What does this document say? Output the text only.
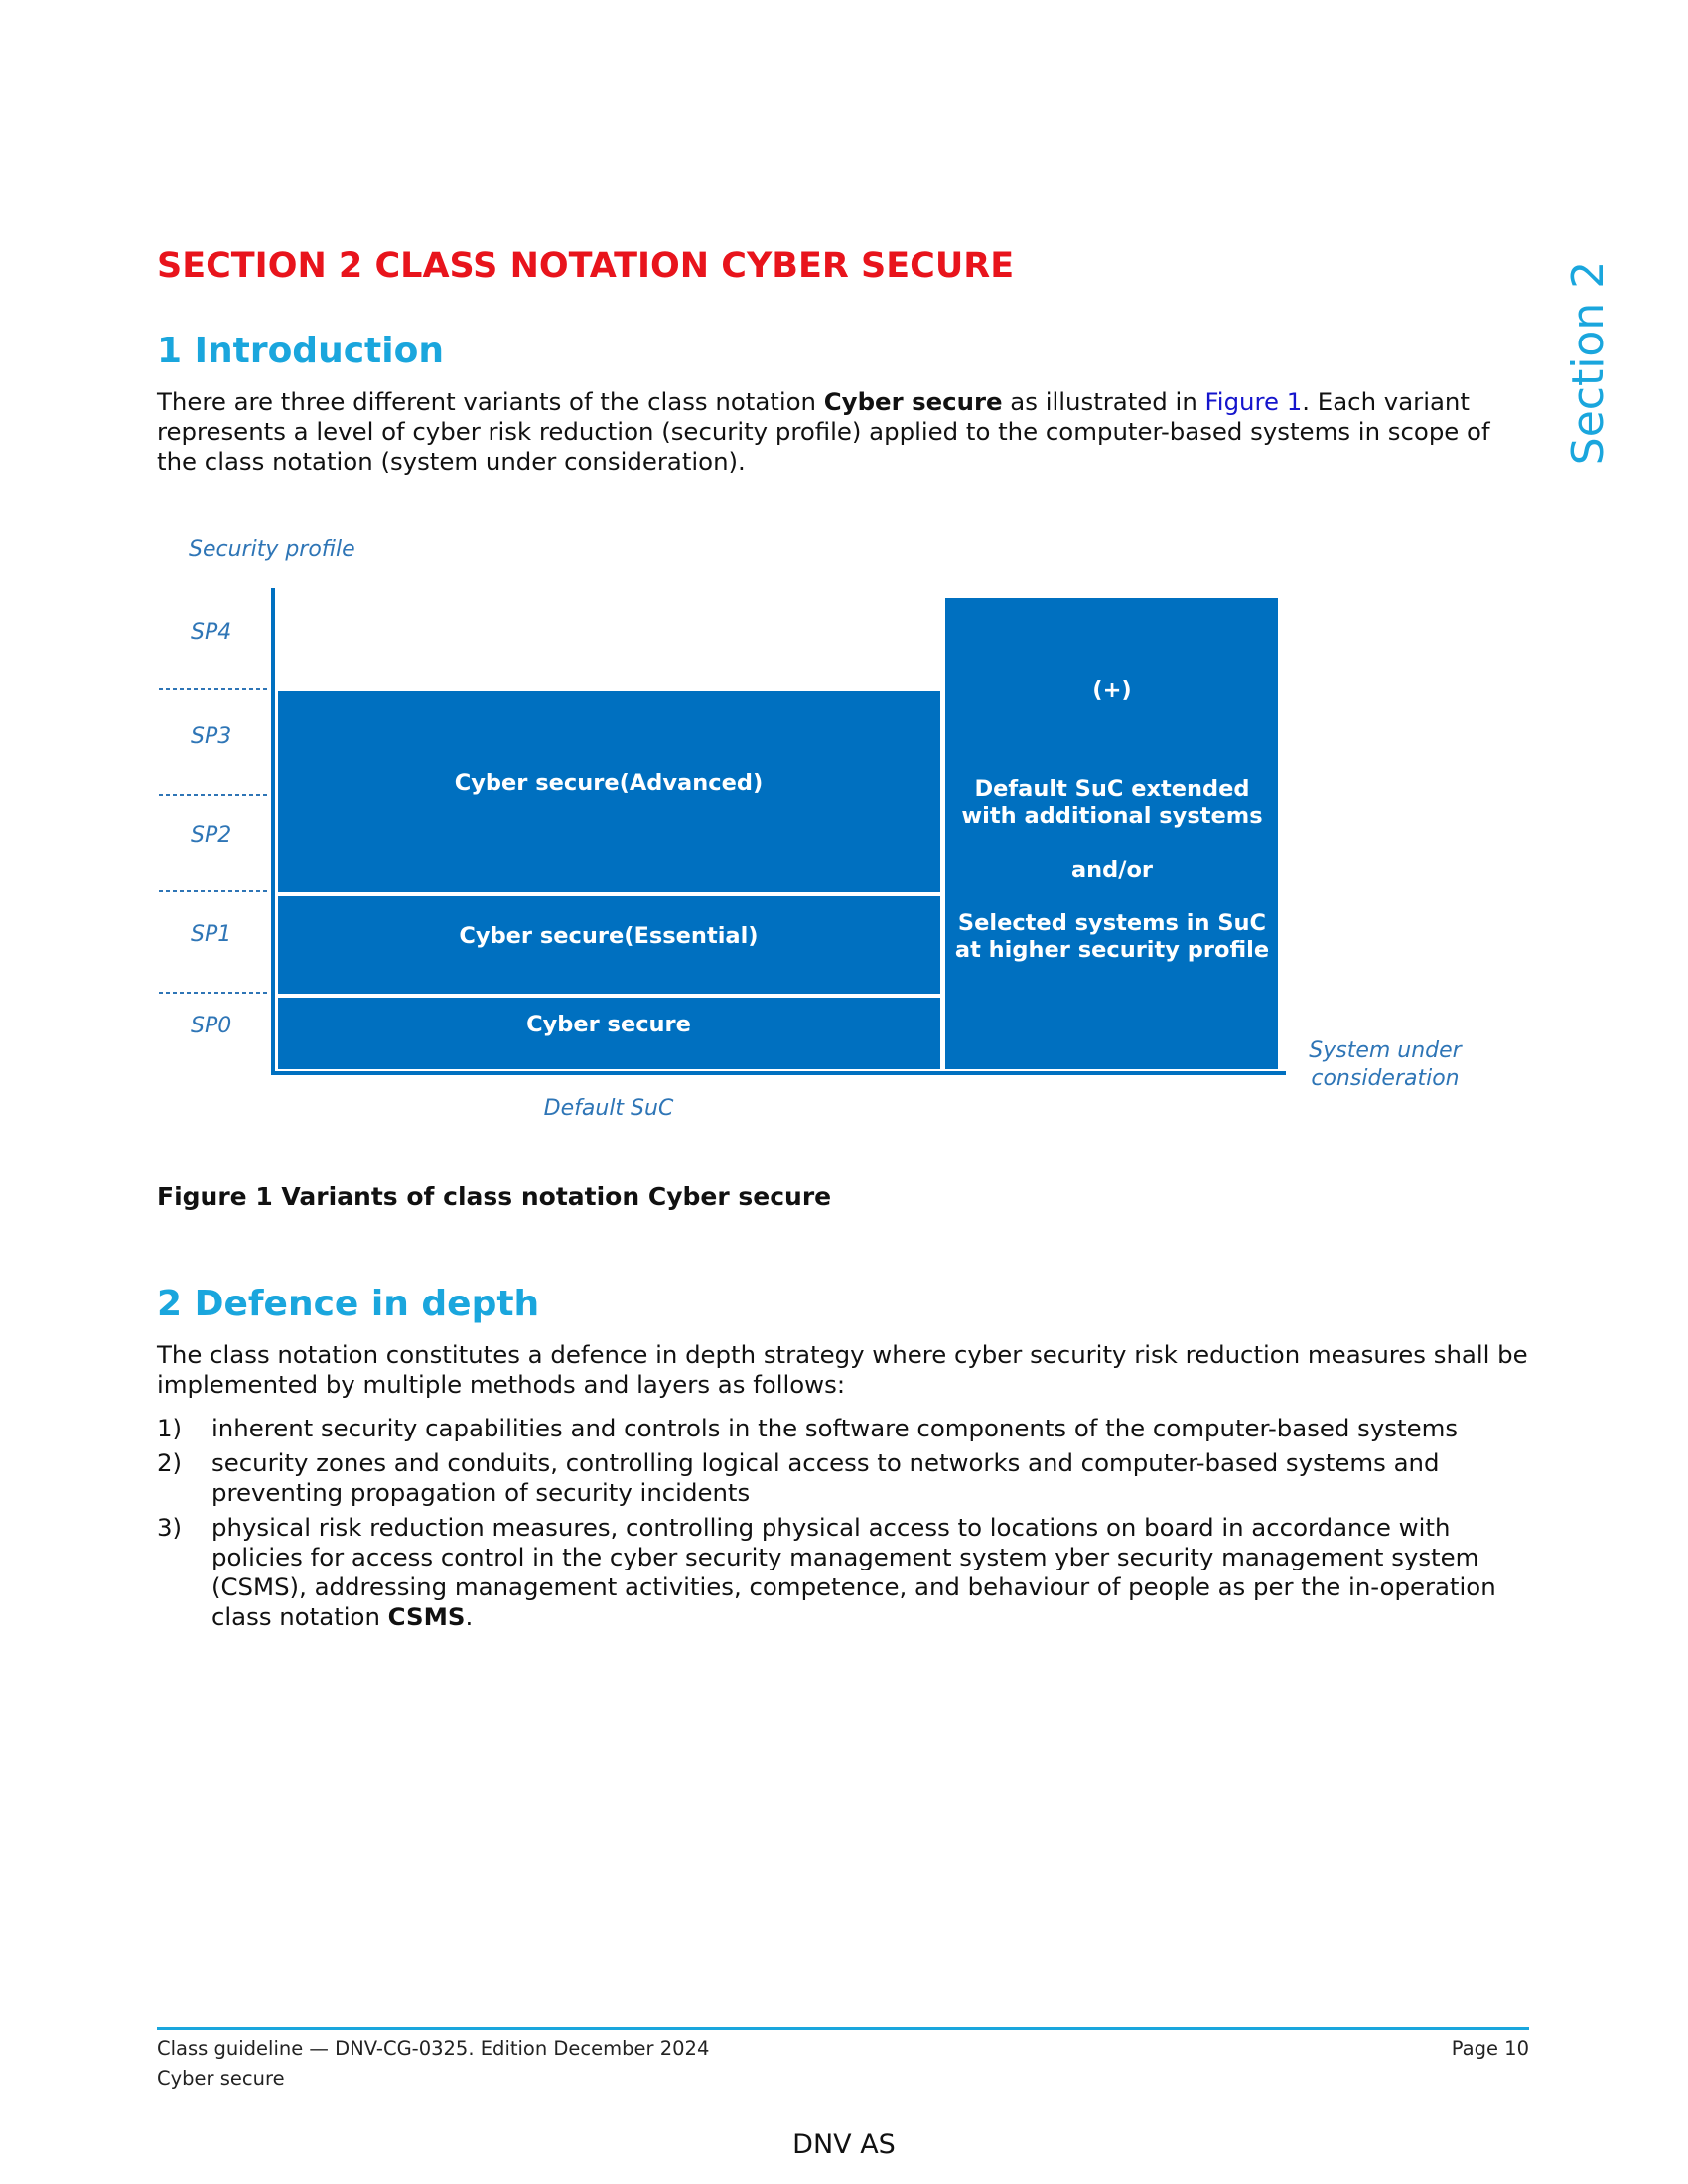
Section 2
SECTION 2 CLASS NOTATION CYBER SECURE
1 Introduction

There are three different variants of the class notation Cyber secure as illustrated in Figure 1. Each variant represents a level of cyber risk reduction (security profile) applied to the computer-based systems in scope of the class notation (system under consideration).

Security profile
SP4
SP3
SP2
SP1
SP0
Cyber secure(Advanced)
Cyber secure(Essential)
Cyber secure
(+)
Default SuC extended
with additional systems
and/or
Selected systems in SuC
at higher security profile
Default SuC
System under
consideration

Figure 1 Variants of class notation Cyber secure

2 Defence in depth

The class notation constitutes a defence in depth strategy where cyber security risk reduction measures shall be implemented by multiple methods and layers as follows:

1)	inherent security capabilities and controls in the software components of the computer-based systems
2)	security zones and conduits, controlling logical access to networks and computer-based systems and preventing propagation of security incidents
3)	physical risk reduction measures, controlling physical access to locations on board in accordance with policies for access control in the cyber security management system yber security management system (CSMS), addressing management activities, competence, and behaviour of people as per the in-operation class notation CSMS.
Class guideline — DNV-CG-0325. Edition December 2024
Cyber secure
Page 10
DNV AS
